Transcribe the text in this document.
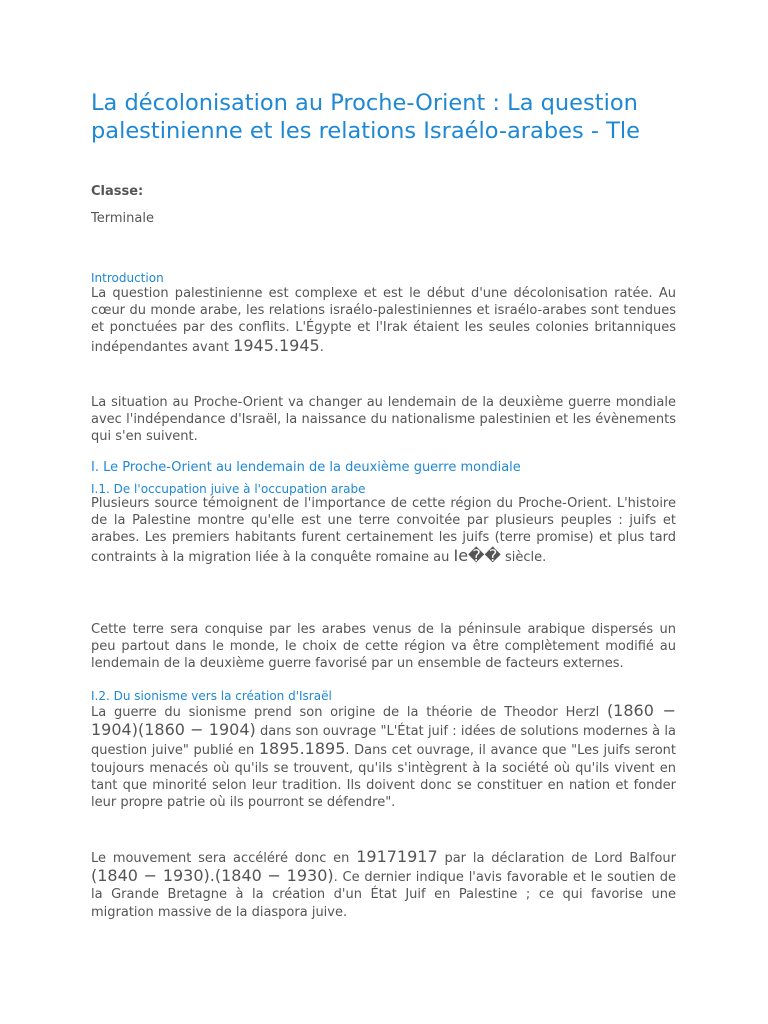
La décolonisation au Proche-Orient : La question palestinienne et les relations Israélo-arabes - Tle

Classe:

Terminale

Introduction

La question palestinienne est complexe et est le début d'une décolonisation ratée. Au cœur du monde arabe, les relations israélo-palestiniennes et israélo-arabes sont tendues et ponctuées par des conflits. L'Égypte et l'Irak étaient les seules colonies britanniques indépendantes avant 1945.1945.

La situation au Proche-Orient va changer au lendemain de la deuxième guerre mondiale avec l'indépendance d'Israël, la naissance du nationalisme palestinien et les évènements qui s'en suivent.

I. Le Proche-Orient au lendemain de la deuxième guerre mondiale
I.1. De l'occupation juive à l'occupation arabe

Plusieurs source témoignent de l'importance de cette région du Proche-Orient. L'histoire de la Palestine montre qu'elle est une terre convoitée par plusieurs peuples : juifs et arabes. Les premiers habitants furent certainement les juifs (terre promise) et plus tard contraints à la migration liée à la conquête romaine au Ie�� siècle.

Cette terre sera conquise par les arabes venus de la péninsule arabique dispersés un peu partout dans le monde, le choix de cette région va être complètement modifié au lendemain de la deuxième guerre favorisé par un ensemble de facteurs externes.

I.2. Du sionisme vers la création d'Israël

La guerre du sionisme prend son origine de la théorie de Theodor Herzl (1860 − 1904)(1860 − 1904) dans son ouvrage "L'État juif : idées de solutions modernes à la question juive" publié en 1895.1895. Dans cet ouvrage, il avance que "Les juifs seront toujours menacés où qu'ils se trouvent, qu'ils s'intègrent à la société où qu'ils vivent en tant que minorité selon leur tradition. Ils doivent donc se constituer en nation et fonder leur propre patrie où ils pourront se défendre".

Le mouvement sera accéléré donc en 19171917 par la déclaration de Lord Balfour (1840 − 1930).(1840 − 1930). Ce dernier indique l'avis favorable et le soutien de la Grande Bretagne à la création d'un État Juif en Palestine ; ce qui favorise une migration massive de la diaspora juive.
